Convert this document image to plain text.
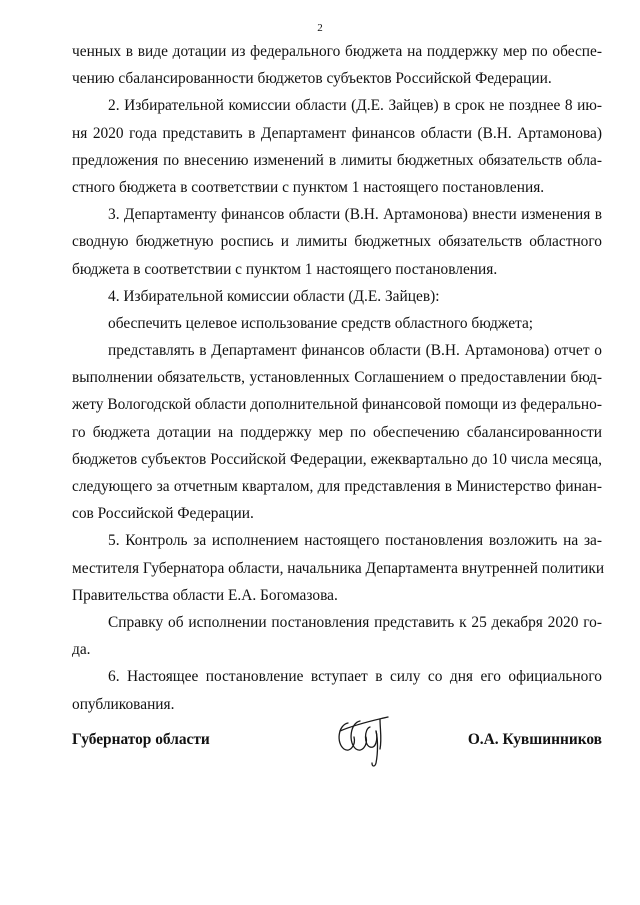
2

ченных в виде дотации из федерального бюджета на поддержку мер по обеспе-

чению сбалансированности бюджетов субъектов Российской Федерации.

2. Избирательной комиссии области (Д.Е. Зайцев) в срок не позднее 8 ию-

ня 2020 года представить в Департамент финансов области (В.Н. Артамонова)

предложения по внесению изменений в лимиты бюджетных обязательств обла-

стного бюджета в соответствии с пунктом 1 настоящего постановления.

3. Департаменту финансов области (В.Н. Артамонова) внести изменения в

сводную бюджетную роспись и лимиты бюджетных обязательств областного

бюджета в соответствии с пунктом 1 настоящего постановления.

4. Избирательной комиссии области (Д.Е. Зайцев):

обеспечить целевое использование средств областного бюджета;

представлять в Департамент финансов области (В.Н. Артамонова) отчет о

выполнении обязательств, установленных Соглашением о предоставлении бюд-

жету Вологодской области дополнительной финансовой помощи из федерально-

го бюджета дотации на поддержку мер по обеспечению сбалансированности

бюджетов субъектов Российской Федерации, ежеквартально до 10 числа месяца,

следующего за отчетным кварталом, для представления в Министерство финан-

сов Российской Федерации.

5. Контроль за исполнением настоящего постановления возложить на за-

местителя Губернатора области, начальника Департамента внутренней политики

Правительства области Е.А. Богомазова.

Справку об исполнении постановления представить к 25 декабря 2020 го-

да.

6. Настоящее постановление вступает в силу со дня его официального

опубликования.

Губернатор области	О.А. Кувшинников
